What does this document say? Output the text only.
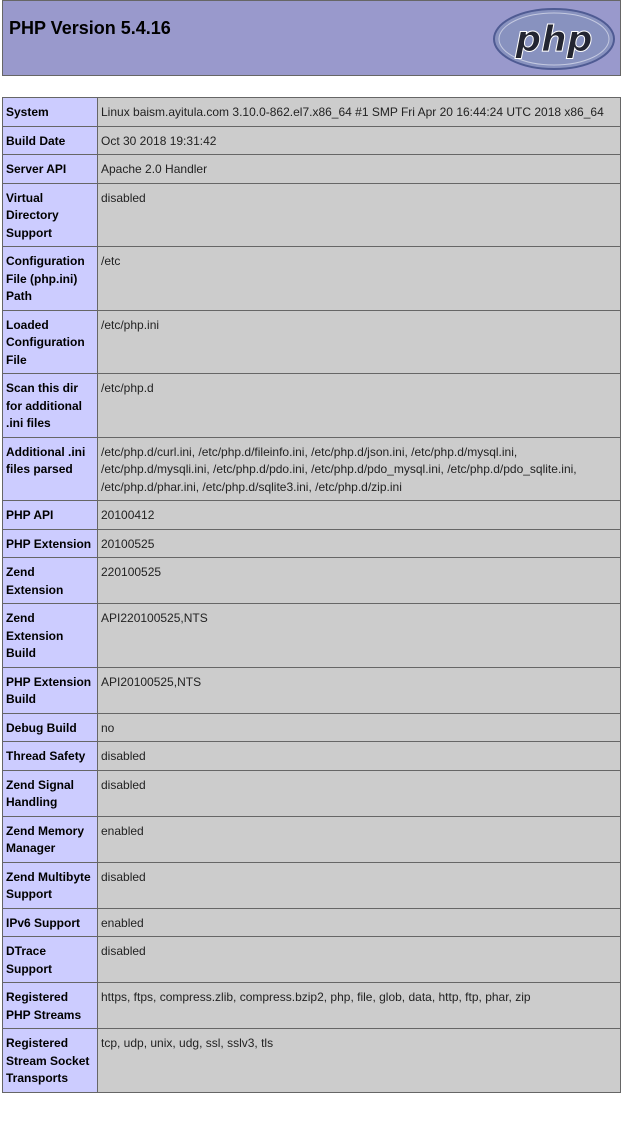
PHP Version 5.4.16	php
System	Linux baism.ayitula.com 3.10.0-862.el7.x86_64 #1 SMP Fri Apr 20 16:44:24 UTC 2018 x86_64
Build Date	Oct 30 2018 19:31:42
Server API	Apache 2.0 Handler
Virtual Directory Support	disabled
Configuration File (php.ini) Path	/etc
Loaded Configuration File	/etc/php.ini
Scan this dir for additional .ini files	/etc/php.d
Additional .ini files parsed	/etc/php.d/curl.ini, /etc/php.d/fileinfo.ini, /etc/php.d/json.ini, /etc/php.d/mysql.ini, /etc/php.d/mysqli.ini, /etc/php.d/pdo.ini, /etc/php.d/pdo_mysql.ini, /etc/php.d/pdo_sqlite.ini, /etc/php.d/phar.ini, /etc/php.d/sqlite3.ini, /etc/php.d/zip.ini
PHP API	20100412
PHP Extension	20100525
Zend Extension	220100525
Zend Extension Build	API220100525,NTS
PHP Extension Build	API20100525,NTS
Debug Build	no
Thread Safety	disabled
Zend Signal Handling	disabled
Zend Memory Manager	enabled
Zend Multibyte Support	disabled
IPv6 Support	enabled
DTrace Support	disabled
Registered PHP Streams	https, ftps, compress.zlib, compress.bzip2, php, file, glob, data, http, ftp, phar, zip
Registered Stream Socket Transports	tcp, udp, unix, udg, ssl, sslv3, tls
